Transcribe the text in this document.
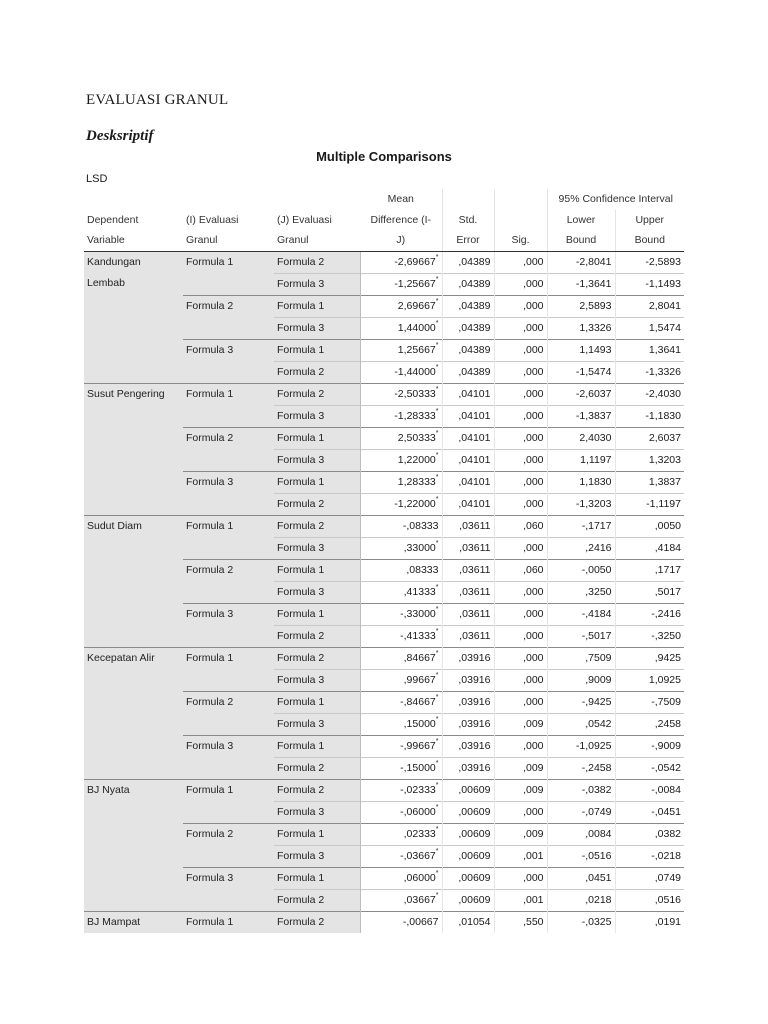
EVALUASI GRANUL
Desksriptif
Multiple Comparisons
LSD
			Mean			95% Confidence Interval	
Dependent	(I) Evaluasi	(J) Evaluasi	Difference (I-	Std.		Lower	Upper
Variable	Granul	Granul	J)	Error	Sig.	Bound	Bound
Kandungan Lembab	Formula 1	Formula 2	-2,69667*	,04389	,000	-2,8041	-2,5893
		Formula 3	-1,25667*	,04389	,000	-1,3641	-1,1493
	Formula 2	Formula 1	2,69667*	,04389	,000	2,5893	2,8041
		Formula 3	1,44000*	,04389	,000	1,3326	1,5474
	Formula 3	Formula 1	1,25667*	,04389	,000	1,1493	1,3641
		Formula 2	-1,44000*	,04389	,000	-1,5474	-1,3326
Susut Pengering	Formula 1	Formula 2	-2,50333*	,04101	,000	-2,6037	-2,4030
		Formula 3	-1,28333*	,04101	,000	-1,3837	-1,1830
	Formula 2	Formula 1	2,50333*	,04101	,000	2,4030	2,6037
		Formula 3	1,22000*	,04101	,000	1,1197	1,3203
	Formula 3	Formula 1	1,28333*	,04101	,000	1,1830	1,3837
		Formula 2	-1,22000*	,04101	,000	-1,3203	-1,1197
Sudut Diam	Formula 1	Formula 2	-,08333	,03611	,060	-,1717	,0050
		Formula 3	,33000*	,03611	,000	,2416	,4184
	Formula 2	Formula 1	,08333	,03611	,060	-,0050	,1717
		Formula 3	,41333*	,03611	,000	,3250	,5017
	Formula 3	Formula 1	-,33000*	,03611	,000	-,4184	-,2416
		Formula 2	-,41333*	,03611	,000	-,5017	-,3250
Kecepatan Alir	Formula 1	Formula 2	,84667*	,03916	,000	,7509	,9425
		Formula 3	,99667*	,03916	,000	,9009	1,0925
	Formula 2	Formula 1	-,84667*	,03916	,000	-,9425	-,7509
		Formula 3	,15000*	,03916	,009	,0542	,2458
	Formula 3	Formula 1	-,99667*	,03916	,000	-1,0925	-,9009
		Formula 2	-,15000*	,03916	,009	-,2458	-,0542
BJ Nyata	Formula 1	Formula 2	-,02333*	,00609	,009	-,0382	-,0084
		Formula 3	-,06000*	,00609	,000	-,0749	-,0451
	Formula 2	Formula 1	,02333*	,00609	,009	,0084	,0382
		Formula 3	-,03667*	,00609	,001	-,0516	-,0218
	Formula 3	Formula 1	,06000*	,00609	,000	,0451	,0749
		Formula 2	,03667*	,00609	,001	,0218	,0516
BJ Mampat	Formula 1	Formula 2	-,00667	,01054	,550	-,0325	,0191
